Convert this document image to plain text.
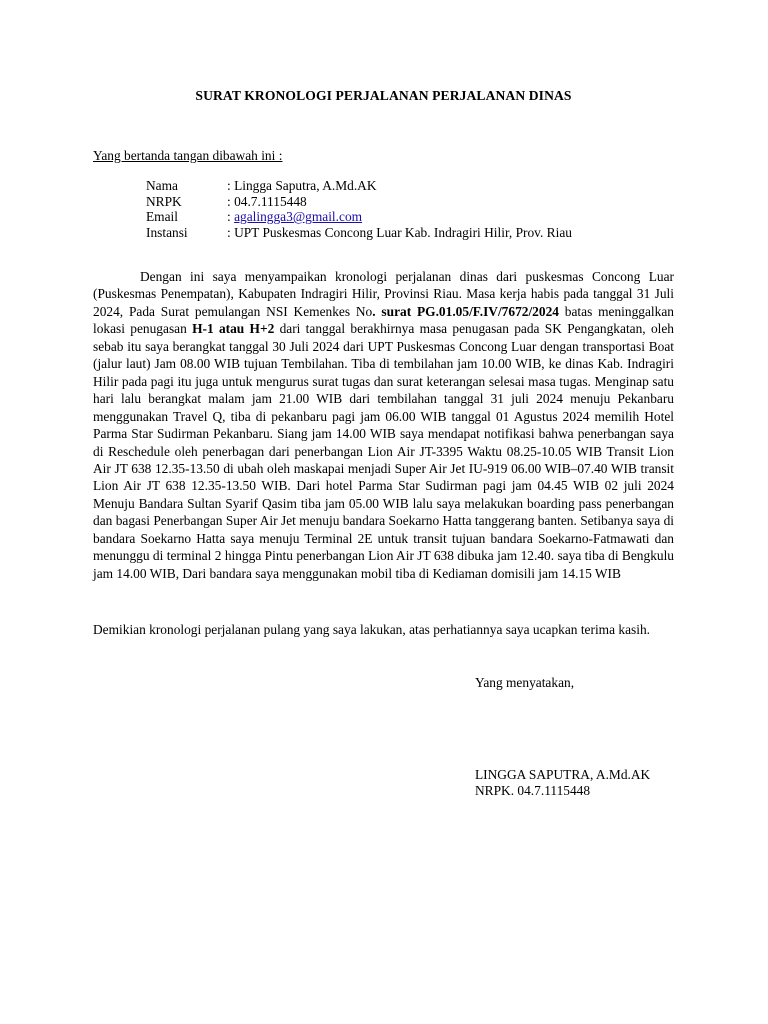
SURAT KRONOLOGI PERJALANAN PERJALANAN DINAS

Yang bertanda tangan dibawah ini :

Nama	: Lingga Saputra, A.Md.AK
NRPK	: 04.7.1115448
Email	: agalingga3@gmail.com
Instansi	: UPT Puskesmas Concong Luar Kab. Indragiri Hilir, Prov. Riau

Dengan ini saya menyampaikan kronologi perjalanan dinas dari puskesmas Concong Luar (Puskesmas Penempatan), Kabupaten Indragiri Hilir, Provinsi Riau. Masa kerja habis pada tanggal 31 Juli 2024, Pada Surat pemulangan NSI Kemenkes No. surat PG.01.05/F.IV/7672/2024 batas meninggalkan lokasi penugasan H-1 atau H+2 dari tanggal berakhirnya masa penugasan pada SK Pengangkatan, oleh sebab itu saya berangkat tanggal 30 Juli 2024 dari UPT Puskesmas Concong Luar dengan transportasi Boat (jalur laut) Jam 08.00 WIB tujuan Tembilahan. Tiba di tembilahan jam 10.00 WIB, ke dinas Kab. Indragiri Hilir pada pagi itu juga untuk mengurus surat tugas dan surat keterangan selesai masa tugas. Menginap satu hari lalu berangkat malam jam 21.00 WIB dari tembilahan tanggal 31 juli 2024 menuju Pekanbaru menggunakan Travel Q, tiba di pekanbaru pagi jam 06.00 WIB tanggal 01 Agustus 2024 memilih Hotel Parma Star Sudirman Pekanbaru. Siang jam 14.00 WIB saya mendapat notifikasi bahwa penerbangan saya di Reschedule oleh penerbagan dari penerbangan Lion Air JT-3395 Waktu 08.25-10.05 WIB Transit Lion Air JT 638 12.35-13.50 di ubah oleh maskapai menjadi Super Air Jet IU-919 06.00 WIB–07.40 WIB transit Lion Air JT 638 12.35-13.50 WIB. Dari hotel Parma Star Sudirman pagi jam 04.45 WIB 02 juli 2024 Menuju Bandara Sultan Syarif Qasim tiba jam 05.00 WIB lalu saya melakukan boarding pass penerbangan dan bagasi Penerbangan Super Air Jet menuju bandara Soekarno Hatta tanggerang banten. Setibanya saya di bandara Soekarno Hatta saya menuju Terminal 2E untuk transit tujuan bandara Soekarno-Fatmawati dan menunggu di terminal 2 hingga Pintu penerbangan Lion Air JT 638 dibuka jam 12.40. saya tiba di Bengkulu jam 14.00 WIB, Dari bandara saya menggunakan mobil tiba di Kediaman domisili jam 14.15 WIB

Demikian kronologi perjalanan pulang yang saya lakukan, atas perhatiannya saya ucapkan terima kasih.

Yang menyatakan,

LINGGA SAPUTRA, A.Md.AK
NRPK. 04.7.1115448
